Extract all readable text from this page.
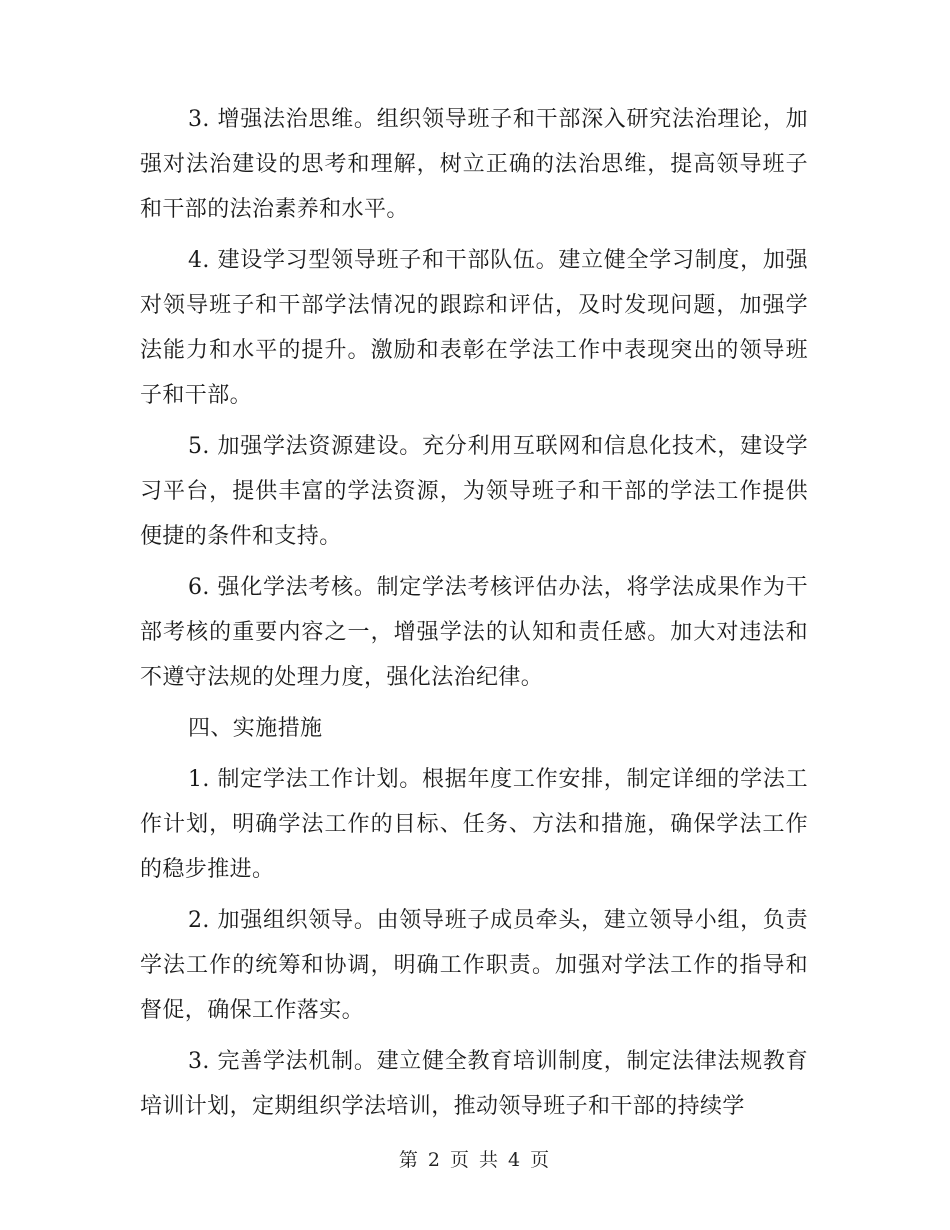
3. 增强法治思维。组织领导班子和干部深入研究法治理论，加强对法治建设的思考和理解，树立正确的法治思维，提高领导班子和干部的法治素养和水平。

4. 建设学习型领导班子和干部队伍。建立健全学习制度，加强对领导班子和干部学法情况的跟踪和评估，及时发现问题，加强学法能力和水平的提升。激励和表彰在学法工作中表现突出的领导班子和干部。

5. 加强学法资源建设。充分利用互联网和信息化技术，建设学习平台，提供丰富的学法资源，为领导班子和干部的学法工作提供便捷的条件和支持。

6. 强化学法考核。制定学法考核评估办法，将学法成果作为干部考核的重要内容之一，增强学法的认知和责任感。加大对违法和不遵守法规的处理力度，强化法治纪律。

四、实施措施

1. 制定学法工作计划。根据年度工作安排，制定详细的学法工作计划，明确学法工作的目标、任务、方法和措施，确保学法工作的稳步推进。

2. 加强组织领导。由领导班子成员牵头，建立领导小组，负责学法工作的统筹和协调，明确工作职责。加强对学法工作的指导和督促，确保工作落实。

3. 完善学法机制。建立健全教育培训制度，制定法律法规教育培训计划，定期组织学法培训，推动领导班子和干部的持续学

第 2 页 共 4 页
